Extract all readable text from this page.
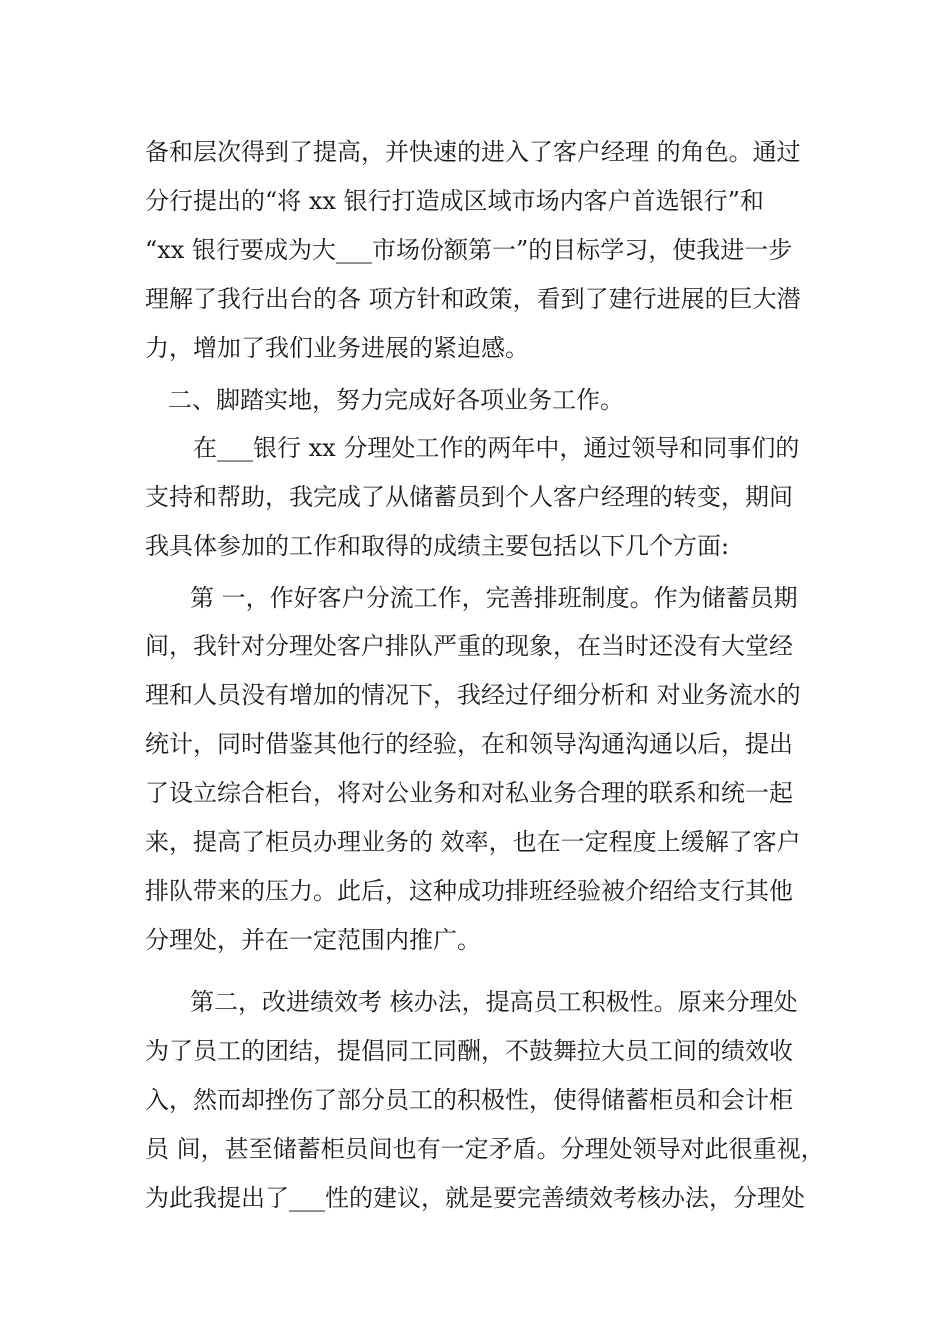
备和层次得到了提高，并快速的进入了客户经理 的角色。通过
分行提出的“将 xx 银行打造成区域市场内客户首选银行”和
“xx 银行要成为大___市场份额第一”的目标学习，使我进一步
理解了我行出台的各 项方针和政策，看到了建行进展的巨大潜
力，增加了我们业务进展的紧迫感。
二、脚踏实地，努力完成好各项业务工作。
在___银行 xx 分理处工作的两年中，通过领导和同事们的
支持和帮助，我完成了从储蓄员到个人客户经理的转变，期间
我具体参加的工作和取得的成绩主要包括以下几个方面:
第 一，作好客户分流工作，完善排班制度。作为储蓄员期
间，我针对分理处客户排队严重的现象，在当时还没有大堂经
理和人员没有增加的情况下，我经过仔细分析和 对业务流水的
统计，同时借鉴其他行的经验，在和领导沟通沟通以后，提出
了设立综合柜台，将对公业务和对私业务合理的联系和统一起
来，提高了柜员办理业务的 效率，也在一定程度上缓解了客户
排队带来的压力。此后，这种成功排班经验被介绍给支行其他
分理处，并在一定范围内推广。
第二，改进绩效考 核办法，提高员工积极性。原来分理处
为了员工的团结，提倡同工同酬，不鼓舞拉大员工间的绩效收
入，然而却挫伤了部分员工的积极性，使得储蓄柜员和会计柜
员 间，甚至储蓄柜员间也有一定矛盾。分理处领导对此很重视，
为此我提出了___性的建议，就是要完善绩效考核办法，分理处
